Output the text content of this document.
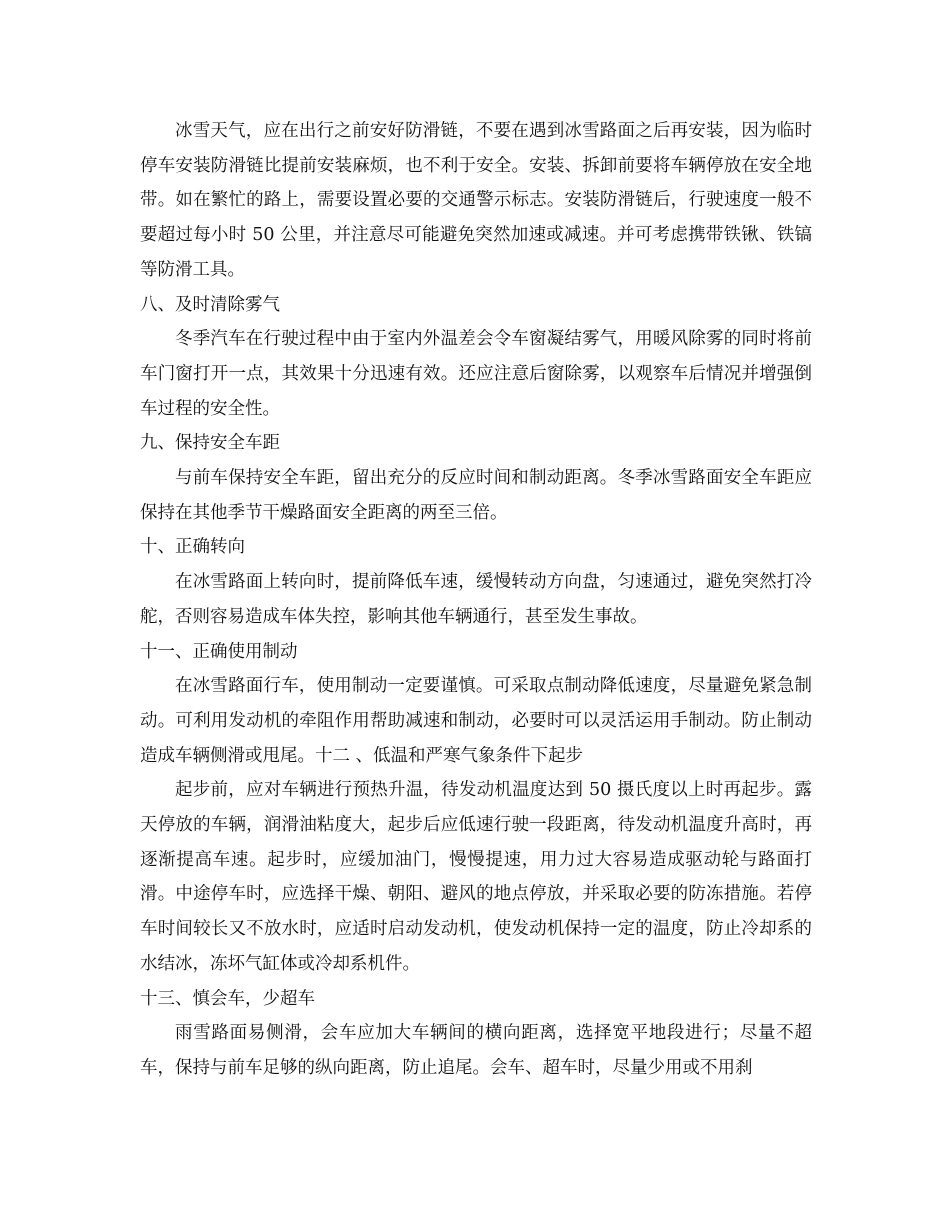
冰雪天气，应在出行之前安好防滑链，不要在遇到冰雪路面之后再安装，因为临时停车安装防滑链比提前安装麻烦，也不利于安全。安装、拆卸前要将车辆停放在安全地带。如在繁忙的路上，需要设置必要的交通警示标志。安装防滑链后，行驶速度一般不要超过每小时 50 公里，并注意尽可能避免突然加速或减速。并可考虑携带铁锹、铁镐等防滑工具。

八、及时清除雾气

冬季汽车在行驶过程中由于室内外温差会令车窗凝结雾气，用暖风除雾的同时将前车门窗打开一点，其效果十分迅速有效。还应注意后窗除雾，以观察车后情况并增强倒车过程的安全性。

九、保持安全车距

与前车保持安全车距，留出充分的反应时间和制动距离。冬季冰雪路面安全车距应保持在其他季节干燥路面安全距离的两至三倍。

十、正确转向

在冰雪路面上转向时，提前降低车速，缓慢转动方向盘，匀速通过，避免突然打冷舵，否则容易造成车体失控，影响其他车辆通行，甚至发生事故。

十一、正确使用制动

在冰雪路面行车，使用制动一定要谨慎。可采取点制动降低速度，尽量避免紧急制动。可利用发动机的牵阻作用帮助减速和制动，必要时可以灵活运用手制动。防止制动造成车辆侧滑或甩尾。十二 、低温和严寒气象条件下起步

起步前，应对车辆进行预热升温，待发动机温度达到 50 摄氏度以上时再起步。露天停放的车辆，润滑油粘度大，起步后应低速行驶一段距离，待发动机温度升高时，再逐渐提高车速。起步时，应缓加油门，慢慢提速，用力过大容易造成驱动轮与路面打滑。中途停车时，应选择干燥、朝阳、避风的地点停放，并采取必要的防冻措施。若停车时间较长又不放水时，应适时启动发动机，使发动机保持一定的温度，防止冷却系的水结冰，冻坏气缸体或冷却系机件。

十三、慎会车，少超车

雨雪路面易侧滑，会车应加大车辆间的横向距离，选择宽平地段进行；尽量不超车，保持与前车足够的纵向距离，防止追尾。会车、超车时，尽量少用或不用刹
